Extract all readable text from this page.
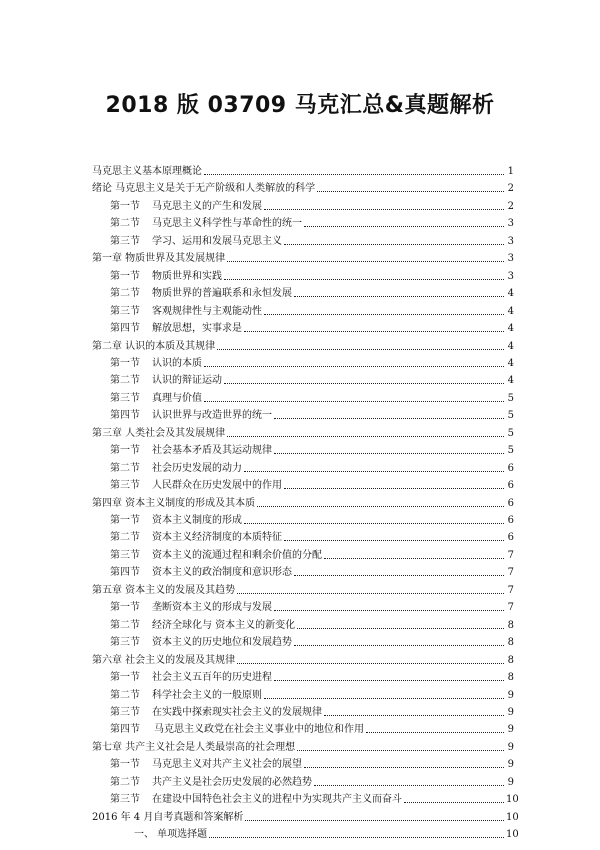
2018 版 03709 马克汇总&真题解析
马克思主义基本原理概论	1
绪论 马克思主义是关于无产阶级和人类解放的科学	2
第一节 马克思主义的产生和发展	2
第二节 马克思主义科学性与革命性的统一	3
第三节 学习、运用和发展马克思主义	3
第一章 物质世界及其发展规律	3
第一节 物质世界和实践	3
第二节 物质世界的普遍联系和永恒发展	4
第三节 客观规律性与主观能动性	4
第四节 解放思想，实事求是	4
第二章 认识的本质及其规律	4
第一节 认识的本质	4
第二节 认识的辩证运动	4
第三节 真理与价值	5
第四节 认识世界与改造世界的统一	5
第三章 人类社会及其发展规律	5
第一节 社会基本矛盾及其运动规律	5
第二节 社会历史发展的动力	6
第三节 人民群众在历史发展中的作用	6
第四章 资本主义制度的形成及其本质	6
第一节 资本主义制度的形成	6
第二节 资本主义经济制度的本质特征	6
第三节 资本主义的流通过程和剩余价值的分配	7
第四节 资本主义的政治制度和意识形态	7
第五章 资本主义的发展及其趋势	7
第一节 垄断资本主义的形成与发展	7
第二节 经济全球化与 资本主义的新变化	8
第三节 资本主义的历史地位和发展趋势	8
第六章 社会主义的发展及其规律	8
第一节 社会主义五百年的历史进程	8
第二节 科学社会主义的一般原则	9
第三节 在实践中探索现实社会主义的发展规律	9
第四节 马克思主义政党在社会主义事业中的地位和作用	9
第七章 共产主义社会是人类最崇高的社会理想	9
第一节 马克思主义对共产主义社会的展望	9
第二节 共产主义是社会历史发展的必然趋势	9
第三节 在建设中国特色社会主义的进程中为实现共产主义而奋斗	10
2016 年 4 月自考真题和答案解析	10
一、 单项选择题	10
